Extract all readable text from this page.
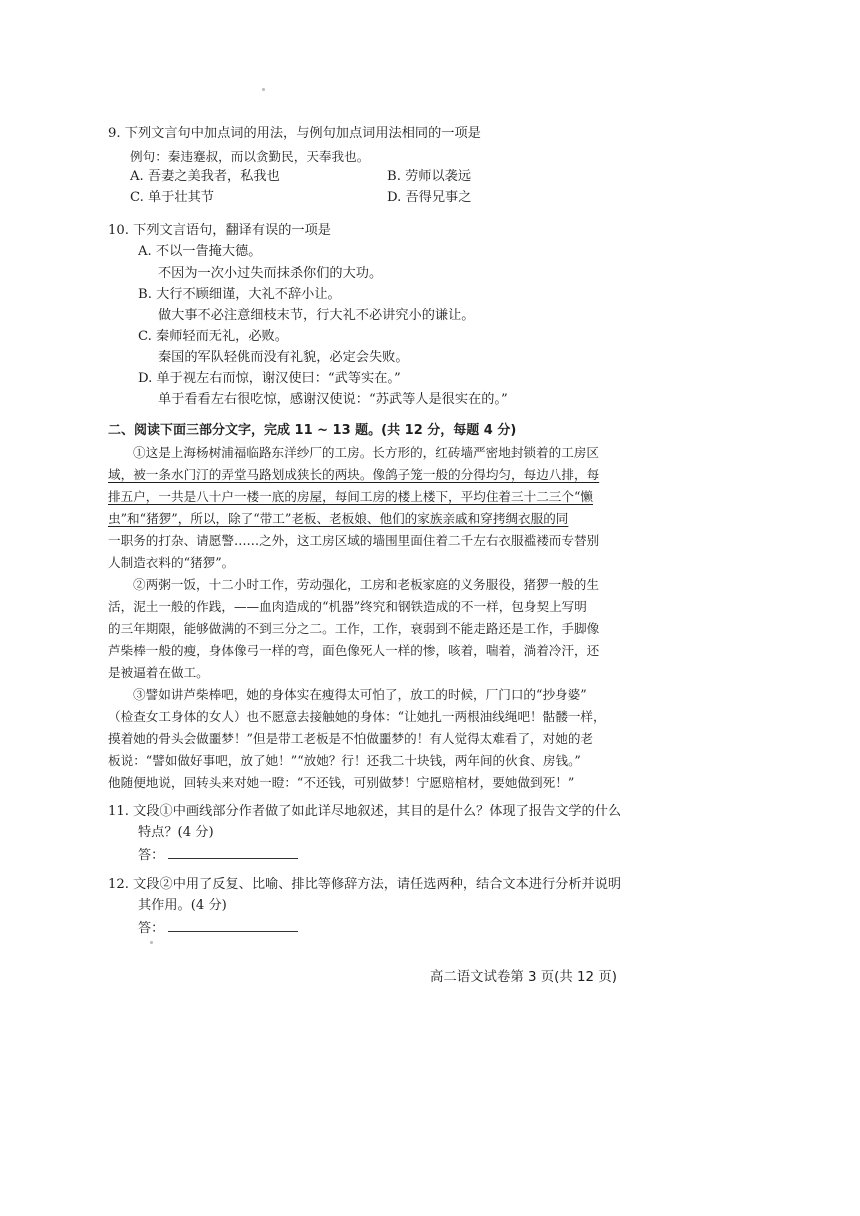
9. 下列文言句中加点词的用法，与例句加点词用法相同的一项是
例句：秦违蹇叔，而以贪勤民，天奉我也。
A. 吾妻之美我者，私我也	B. 劳师以袭远
C. 单于壮其节	D. 吾得兄事之
10. 下列文言语句，翻译有误的一项是
A. 不以一眚掩大德。
不因为一次小过失而抹杀你们的大功。
B. 大行不顾细谨，大礼不辞小让。
做大事不必注意细枝末节，行大礼不必讲究小的谦让。
C. 秦师轻而无礼，必败。
秦国的军队轻佻而没有礼貌，必定会失败。
D. 单于视左右而惊，谢汉使曰：“武等实在。”
单于看看左右很吃惊，感谢汉使说：“苏武等人是很实在的。”
二、阅读下面三部分文字，完成 11 ~ 13 题。(共 12 分，每题 4 分)
①这是上海杨树浦福临路东洋纱厂的工房。长方形的，红砖墙严密地封锁着的工房区
域，被一条水门汀的弄堂马路划成狭长的两块。像鸽子笼一般的分得均匀，每边八排，每
排五户，一共是八十户一楼一底的房屋，每间工房的楼上楼下，平均住着三十二三个“懒
虫”和“猪猡”，所以，除了“带工”老板、老板娘、他们的家族亲戚和穿拷绸衣服的同
一职务的打杂、请愿警……之外，这工房区域的墙围里面住着二千左右衣服褴褛而专替别
人制造衣料的“猪猡”。
②两粥一饭，十二小时工作，劳动强化，工房和老板家庭的义务服役，猪猡一般的生
活，泥土一般的作践，——血肉造成的“机器”终究和钢铁造成的不一样，包身契上写明
的三年期限，能够做满的不到三分之二。工作，工作，衰弱到不能走路还是工作，手脚像
芦柴棒一般的瘦，身体像弓一样的弯，面色像死人一样的惨，咳着，喘着，淌着冷汗，还
是被逼着在做工。
③譬如讲芦柴棒吧，她的身体实在瘦得太可怕了，放工的时候，厂门口的“抄身婆”
（检查女工身体的女人）也不愿意去接触她的身体：“让她扎一两根油线绳吧！骷髅一样，
摸着她的骨头会做噩梦！”但是带工老板是不怕做噩梦的！有人觉得太难看了，对她的老
板说：“譬如做好事吧，放了她！”“放她？行！还我二十块钱，两年间的伙食、房钱。”
他随便地说，回转头来对她一瞪：“不还钱，可别做梦！宁愿赔棺材，要她做到死！”
11. 文段①中画线部分作者做了如此详尽地叙述，其目的是什么？体现了报告文学的什么
特点？(4 分)
答：
12. 文段②中用了反复、比喻、排比等修辞方法，请任选两种，结合文本进行分析并说明
其作用。(4 分)
答：
高二语文试卷第 3 页(共 12 页)
